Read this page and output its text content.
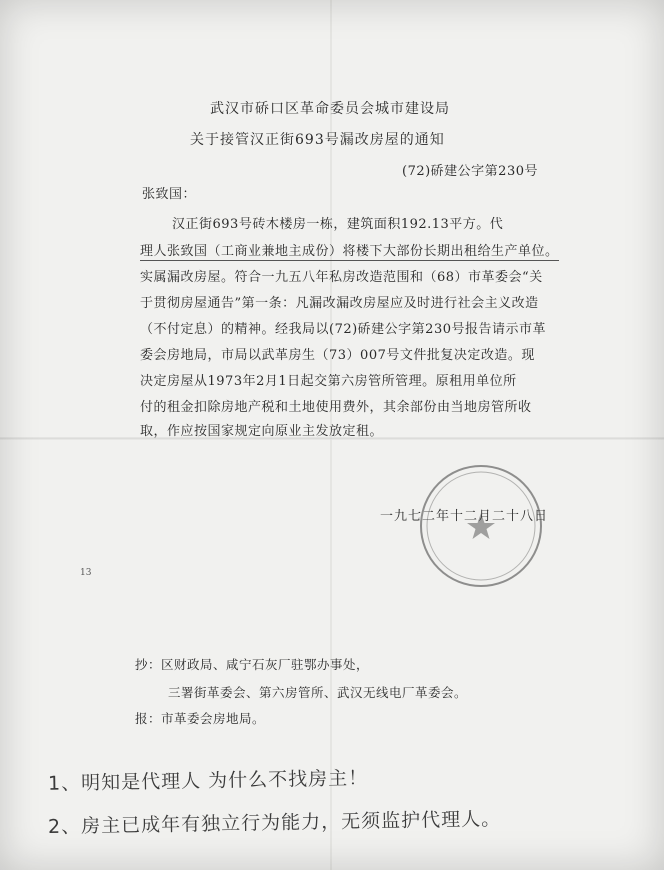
武汉市硚口区革命委员会城市建设局
关于接管汉正街693号漏改房屋的通知
(72)硚建公字第230号
张致国：
汉正街693号砖木楼房一栋，建筑面积192.13平方。代
理人张致国（工商业兼地主成份）将楼下大部份长期出租给生产单位。
实属漏改房屋。符合一九五八年私房改造范围和（68）市革委会“关
于贯彻房屋通告”第一条：凡漏改漏改房屋应及时进行社会主义改造
（不付定息）的精神。经我局以(72)硚建公字第230号报告请示市革
委会房地局，市局以武革房生（73）007号文件批复决定改造。现
决定房屋从1973年2月1日起交第六房管所管理。原租用单位所
付的租金扣除房地产税和土地使用费外，其余部份由当地房管所收
取，作应按国家规定向原业主发放定租。
一九七二年十二月二十八日
13
抄：区财政局、咸宁石灰厂驻鄂办事处，
三署街革委会、第六房管所、武汉无线电厂革委会。
报：市革委会房地局。
1、明知是代理人 为什么不找房主！
2、房主已成年有独立行为能力，无须监护代理人。
